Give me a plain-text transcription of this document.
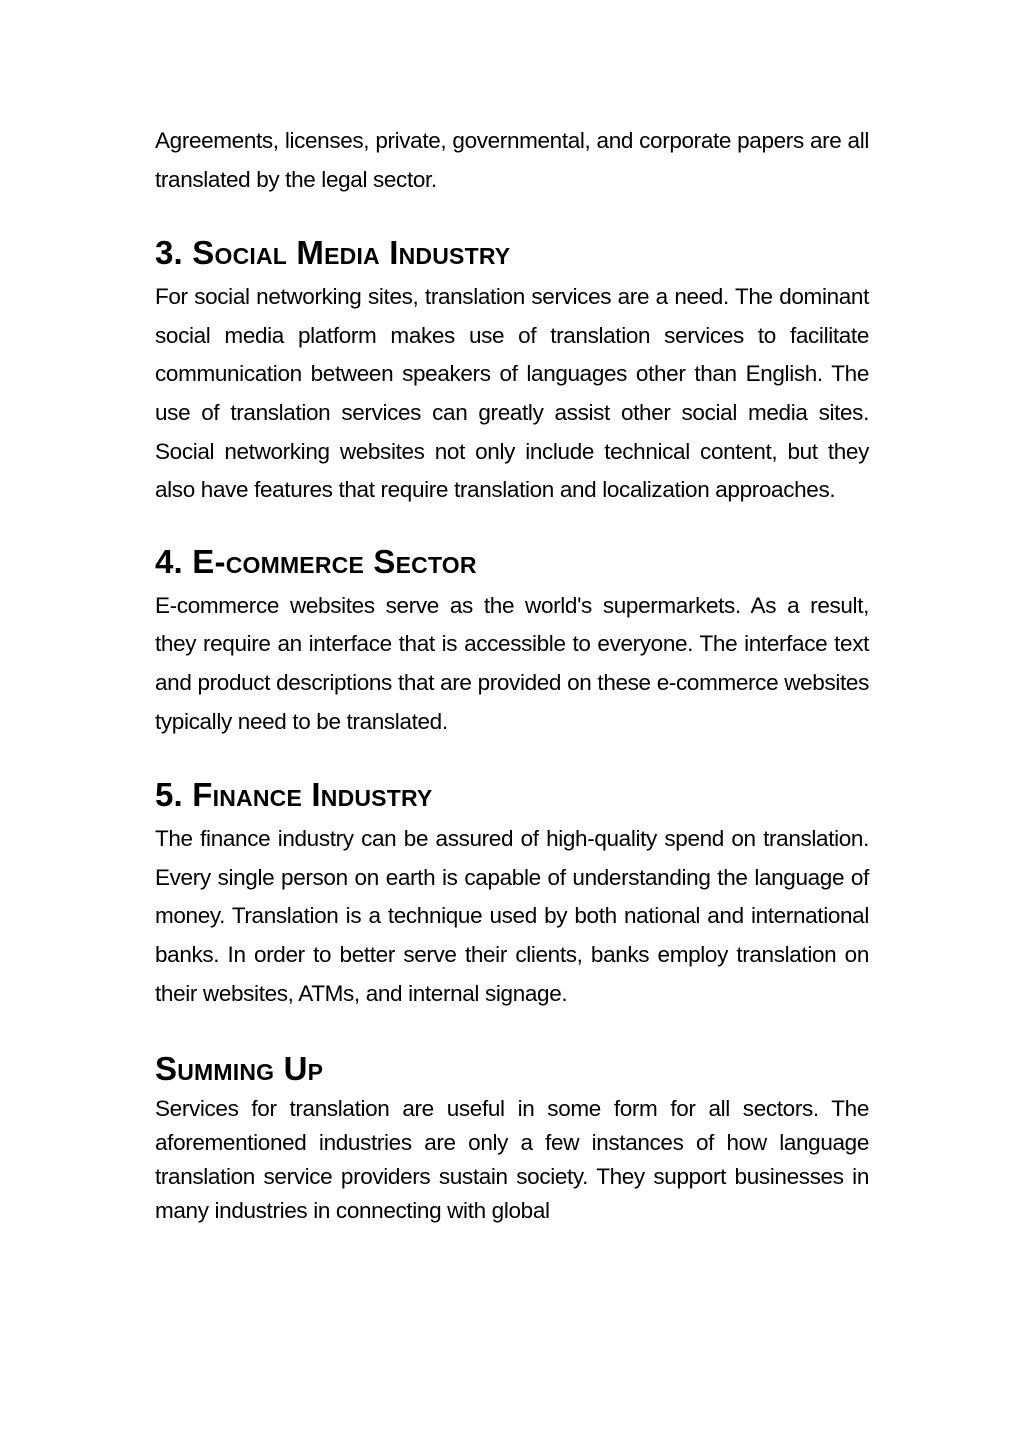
Agreements, licenses, private, governmental, and corporate papers are all translated by the legal sector.

3. Social Media Industry

For social networking sites, translation services are a need. The dominant social media platform makes use of translation services to facilitate communication between speakers of languages other than English. The use of translation services can greatly assist other social media sites. Social networking websites not only include technical content, but they also have features that require translation and localization approaches.

4. E-commerce Sector

E-commerce websites serve as the world's supermarkets. As a result, they require an interface that is accessible to everyone. The interface text and product descriptions that are provided on these e-commerce websites typically need to be translated.

5. Finance Industry

The finance industry can be assured of high-quality spend on translation. Every single person on earth is capable of understanding the language of money. Translation is a technique used by both national and international banks. In order to better serve their clients, banks employ translation on their websites, ATMs, and internal signage.

Summing Up

Services for translation are useful in some form for all sectors. The aforementioned industries are only a few instances of how language translation service providers sustain society. They support businesses in many industries in connecting with global
